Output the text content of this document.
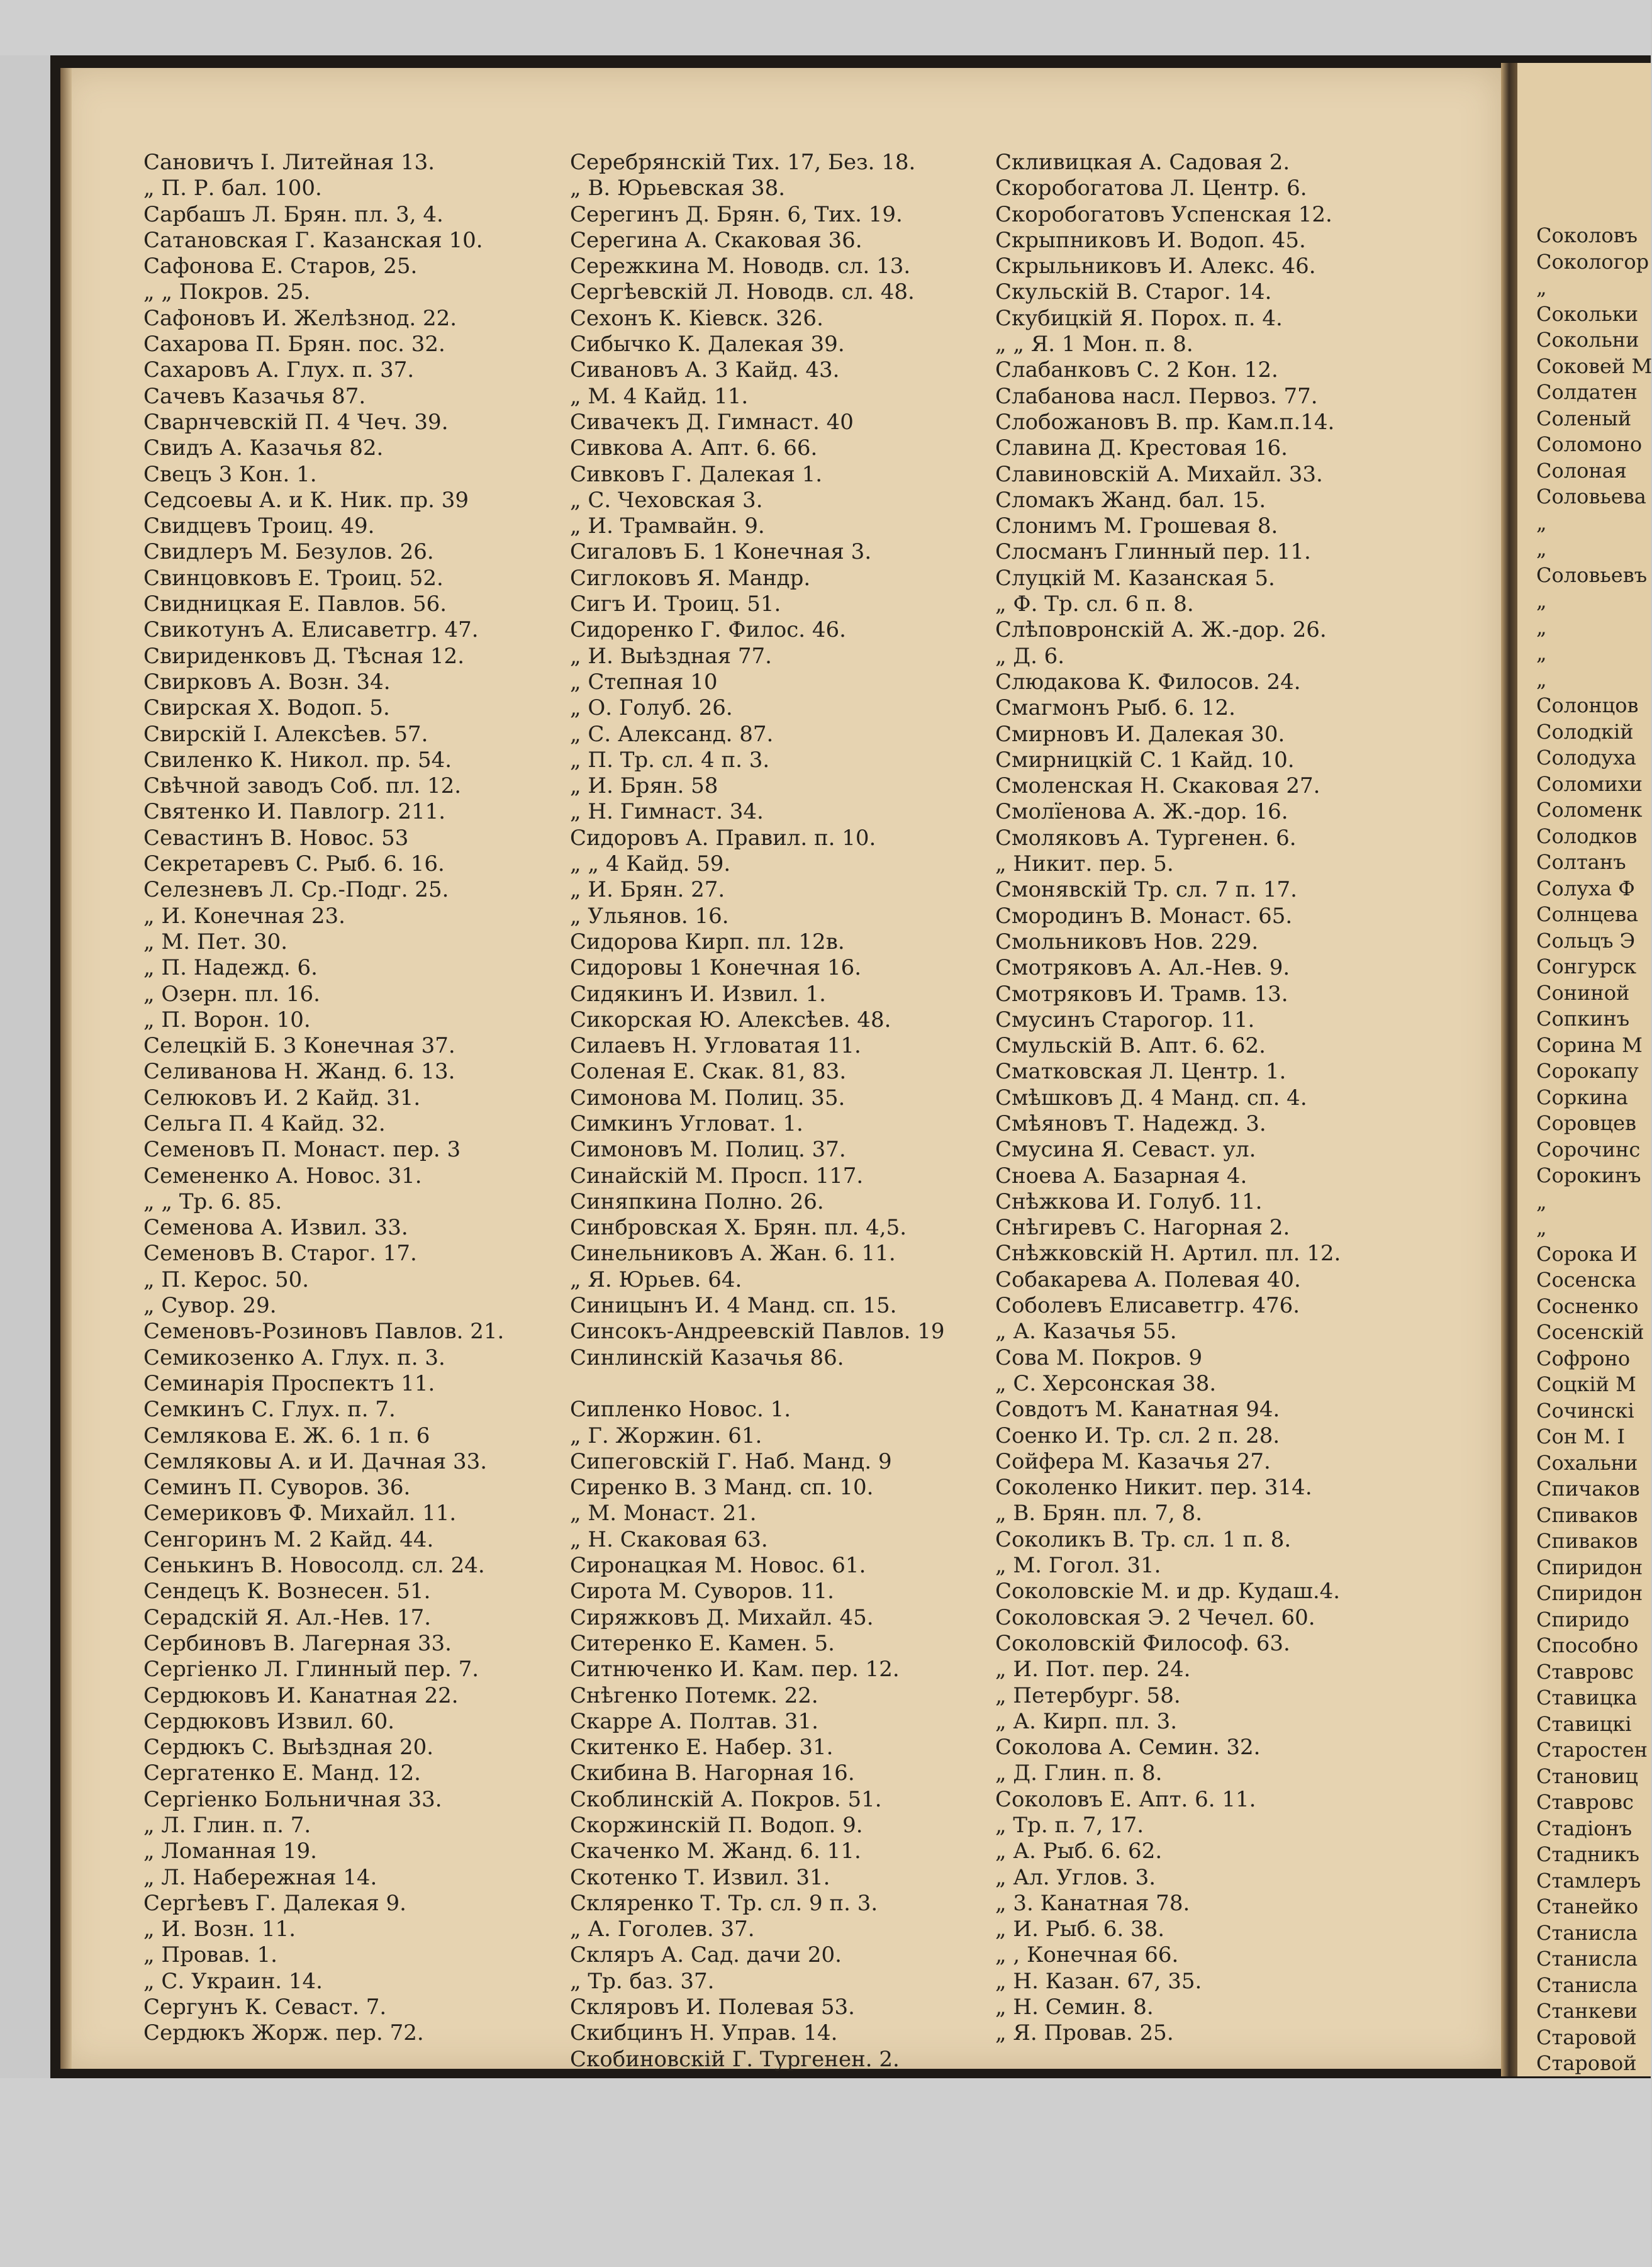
Соколовъ
Сокологор
„
Сокольки
Сокольни
Соковей М
Солдатен
Соленый
Соломоно
Солоная
Соловьева
„
„
Соловьевъ
„
„
„
„
Солонцов
Солодкій
Солодуха
Соломихи
Соломенк
Солодков
Солтанъ
Солуха Ф
Солнцева
Сольцъ Э
Сонгурск
Сониной
Сопкинъ
Сорина М
Сорокапу
Соркина
Соровцев
Сорочинс
Сорокинъ
„
„
Сорока И
Сосенска
Сосненко
Сосенскій
Софроно
Соцкій М
Сочинскі
Сон М. І
Сохальни
Спичаков
Спиваков
Спиваков
Спиридон
Спиридон
Спиридо
Способно
Ставровс
Ставицка
Ставицкі
Старостен
Становиц
Ставровс
Стадіонъ
Стадникъ
Стамлеръ
Станейко
Станисла
Станисла
Станисла
Станкеви
Старовой
Старовой
Сановичъ І. Литейная 13.
„ П. Р. бал. 100.
Сарбашъ Л. Брян. пл. 3, 4.
Сатановская Г. Казанская 10.
Сафонова Е. Старов, 25.
„ „ Покров. 25.
Сафоновъ И. Желѣзнод. 22.
Сахарова П. Брян. пос. 32.
Сахаровъ А. Глух. п. 37.
Сачевъ Казачья 87.
Сварнчевскій П. 4 Чеч. 39.
Свидъ А. Казачья 82.
Свецъ 3 Кон. 1.
Седсоевы А. и К. Ник. пр. 39
Свидцевъ Троиц. 49.
Свидлеръ М. Безулов. 26.
Свинцовковъ Е. Троиц. 52.
Свидницкая Е. Павлов. 56.
Свикотунъ А. Елисаветгр. 47.
Свириденковъ Д. Тѣсная 12.
Свирковъ А. Возн. 34.
Свирская Х. Водоп. 5.
Свирскій І. Алексѣев. 57.
Свиленко К. Никол. пр. 54.
Свѣчной заводъ Соб. пл. 12.
Святенко И. Павлогр. 211.
Севастинъ В. Новос. 53
Секретаревъ С. Рыб. 6. 16.
Селезневъ Л. Ср.-Подг. 25.
„ И. Конечная 23.
„ М. Пет. 30.
„ П. Надежд. 6.
„ Озерн. пл. 16.
„ П. Ворон. 10.
Селецкій Б. 3 Конечная 37.
Селиванова Н. Жанд. 6. 13.
Селюковъ И. 2 Кайд. 31.
Сельга П. 4 Кайд. 32.
Семеновъ П. Монаст. пер. 3
Семененко А. Новос. 31.
„ „ Тр. 6. 85.
Семенова А. Извил. 33.
Семеновъ В. Старог. 17.
„ П. Керос. 50.
„ Сувор. 29.
Семеновъ-Розиновъ Павлов. 21.
Семикозенко А. Глух. п. 3.
Семинарія Проспектъ 11.
Семкинъ С. Глух. п. 7.
Семлякова Е. Ж. 6. 1 п. 6
Семляковы А. и И. Дачная 33.
Семинъ П. Суворов. 36.
Семериковъ Ф. Михайл. 11.
Сенгоринъ М. 2 Кайд. 44.
Сенькинъ В. Новосолд. сл. 24.
Сендецъ К. Вознесен. 51.
Серадскій Я. Ал.-Нев. 17.
Сербиновъ В. Лагерная 33.
Сергіенко Л. Глинный пер. 7.
Сердюковъ И. Канатная 22.
Сердюковъ Извил. 60.
Сердюкъ С. Выѣздная 20.
Сергатенко Е. Манд. 12.
Сергіенко Больничная 33.
„ Л. Глин. п. 7.
„ Ломанная 19.
„ Л. Набережная 14.
Сергѣевъ Г. Далекая 9.
„ И. Возн. 11.
„ Провав. 1.
„ С. Украин. 14.
Сергунъ К. Севаст. 7.
Сердюкъ Жорж. пер. 72.
Серебрянскій Тих. 17, Без. 18.
„ В. Юрьевская 38.
Серегинъ Д. Брян. 6, Тих. 19.
Серегина А. Скаковая 36.
Сережкина М. Новодв. сл. 13.
Сергѣевскій Л. Новодв. сл. 48.
Сехонъ К. Кіевск. 326.
Сибычко К. Далекая 39.
Сивановъ А. 3 Кайд. 43.
„ М. 4 Кайд. 11.
Сивачекъ Д. Гимнаст. 40
Сивкова А. Апт. 6. 66.
Сивковъ Г. Далекая 1.
„ С. Чеховская 3.
„ И. Трамвайн. 9.
Сигаловъ Б. 1 Конечная 3.
Сиглоковъ Я. Мандр.
Сигъ И. Троиц. 51.
Сидоренко Г. Филос. 46.
„ И. Выѣздная 77.
„ Степная 10
„ О. Голуб. 26.
„ С. Александ. 87.
„ П. Тр. сл. 4 п. 3.
„ И. Брян. 58
„ Н. Гимнаст. 34.
Сидоровъ А. Правил. п. 10.
„ „ 4 Кайд. 59.
„ И. Брян. 27.
„ Ульянов. 16.
Сидорова Кирп. пл. 12в.
Сидоровы 1 Конечная 16.
Сидякинъ И. Извил. 1.
Сикорская Ю. Алексѣев. 48.
Силаевъ Н. Угловатая 11.
Соленая Е. Скак. 81, 83.
Симонова М. Полиц. 35.
Симкинъ Угловат. 1.
Симоновъ М. Полиц. 37.
Синайскій М. Просп. 117.
Синяпкина Полно. 26.
Синбровская Х. Брян. пл. 4,5.
Синельниковъ А. Жан. 6. 11.
„ Я. Юрьев. 64.
Синицынъ И. 4 Манд. сп. 15.
Синсокъ-Андреевскій Павлов. 19
Синлинскій Казачья 86.
Сипленко Новос. 1.
„ Г. Жоржин. 61.
Сипеговскій Г. Наб. Манд. 9
Сиренко В. 3 Манд. сп. 10.
„ М. Монаст. 21.
„ Н. Скаковая 63.
Сиронацкая М. Новос. 61.
Сирота М. Суворов. 11.
Сиряжковъ Д. Михайл. 45.
Ситеренко Е. Камен. 5.
Ситнюченко И. Кам. пер. 12.
Снѣгенко Потемк. 22.
Скарре А. Полтав. 31.
Скитенко Е. Набер. 31.
Скибина В. Нагорная 16.
Скоблинскій А. Покров. 51.
Скоржинскій П. Водоп. 9.
Скаченко М. Жанд. 6. 11.
Скотенко Т. Извил. 31.
Скляренко Т. Тр. сл. 9 п. 3.
„ А. Гоголев. 37.
Скляръ А. Сад. дачи 20.
„ Тр. баз. 37.
Скляровъ И. Полевая 53.
Скибцинъ Н. Управ. 14.
Скобиновскій Г. Тургенен. 2.
Скливицкая А. Садовая 2.
Скоробогатова Л. Центр. 6.
Скоробогатовъ Успенская 12.
Скрыпниковъ И. Водоп. 45.
Скрыльниковъ И. Алекс. 46.
Скульскій В. Старог. 14.
Скубицкій Я. Порох. п. 4.
„ „ Я. 1 Мон. п. 8.
Слабанковъ С. 2 Кон. 12.
Слабанова насл. Первоз. 77.
Слобожановъ В. пр. Кам.п.14.
Славина Д. Крестовая 16.
Славиновскій А. Михайл. 33.
Сломакъ Жанд. бал. 15.
Слонимъ М. Грошевая 8.
Слосманъ Глинный пер. 11.
Слуцкій М. Казанская 5.
„ Ф. Тр. сл. 6 п. 8.
Слѣповронскій А. Ж.-дор. 26.
„ Д. 6.
Слюдакова К. Филосов. 24.
Смагмонъ Рыб. 6. 12.
Смирновъ И. Далекая 30.
Смирницкій С. 1 Кайд. 10.
Смоленская Н. Скаковая 27.
Смолїенова А. Ж.-дор. 16.
Смоляковъ А. Тургенен. 6.
„ Никит. пер. 5.
Смонявскій Тр. сл. 7 п. 17.
Смородинъ В. Монаст. 65.
Смольниковъ Нов. 229.
Смотряковъ А. Ал.-Нев. 9.
Смотряковъ И. Трамв. 13.
Смусинъ Старогор. 11.
Смульскій В. Апт. 6. 62.
Сматковская Л. Центр. 1.
Смѣшковъ Д. 4 Манд. сп. 4.
Смѣяновъ Т. Надежд. 3.
Смусина Я. Севаст. ул.
Сноева А. Базарная 4.
Снѣжкова И. Голуб. 11.
Снѣгиревъ С. Нагорная 2.
Снѣжковскій Н. Артил. пл. 12.
Собакарева А. Полевая 40.
Соболевъ Елисаветгр. 476.
„ А. Казачья 55.
Сова М. Покров. 9
„ С. Херсонская 38.
Совдотъ М. Канатная 94.
Соенко И. Тр. сл. 2 п. 28.
Сойфера М. Казачья 27.
Соколенко Никит. пер. 314.
„ В. Брян. пл. 7, 8.
Соколикъ В. Тр. сл. 1 п. 8.
„ М. Гогол. 31.
Соколовскіе М. и др. Кудаш.4.
Соколовская Э. 2 Чечел. 60.
Соколовскій Философ. 63.
„ И. Пот. пер. 24.
„ Петербург. 58.
„ А. Кирп. пл. 3.
Соколова А. Семин. 32.
„ Д. Глин. п. 8.
Соколовъ Е. Апт. 6. 11.
„ Тр. п. 7, 17.
„ А. Рыб. 6. 62.
„ Ал. Углов. 3.
„ 3. Канатная 78.
„ И. Рыб. 6. 38.
„ , Конечная 66.
„ Н. Казан. 67, 35.
„ Н. Семин. 8.
„ Я. Провав. 25.
